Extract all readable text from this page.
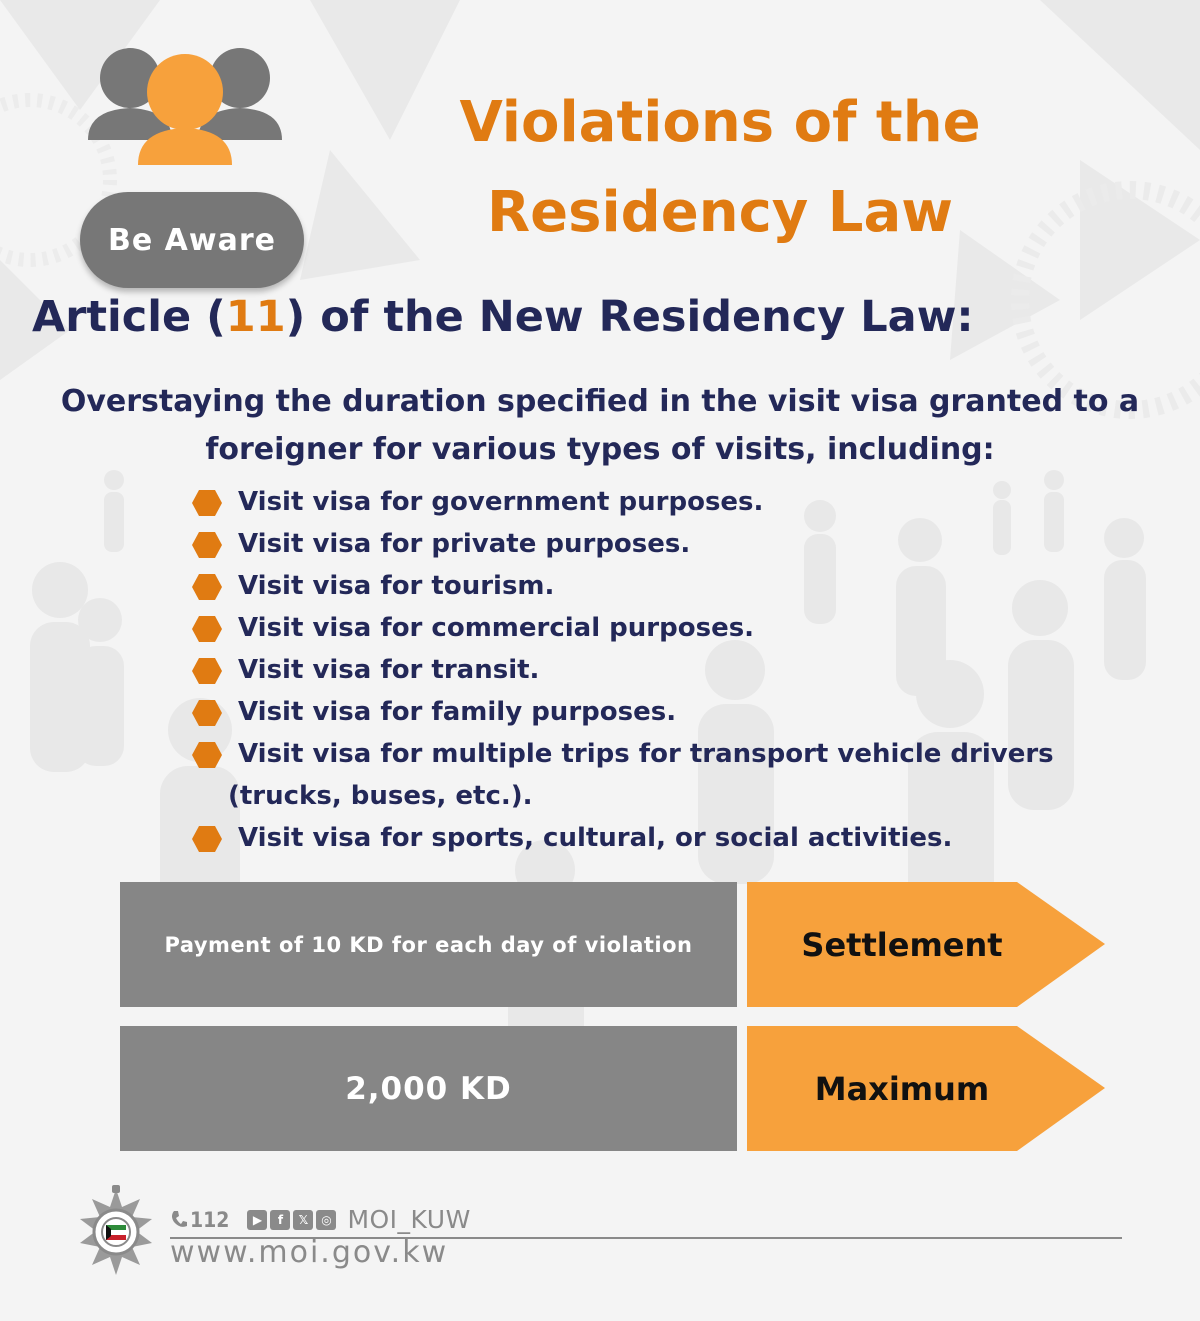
Be Aware
Violations of the
Residency Law
Article (11) of the New Residency Law:
Overstaying the duration specified in the visit visa granted to a foreigner for various types of visits, including:
Visit visa for government purposes.
Visit visa for private purposes.
Visit visa for tourism.
Visit visa for commercial purposes.
Visit visa for transit.
Visit visa for family purposes.
Visit visa for multiple trips for transport vehicle drivers
(trucks, buses, etc.).
Visit visa for sports, cultural, or social activities.
Payment of 10 KD for each day of violation	Settlement
2,000 KD	Maximum
112	▶	f	𝕏	◎ MOI_KUW
www.moi.gov.kw
